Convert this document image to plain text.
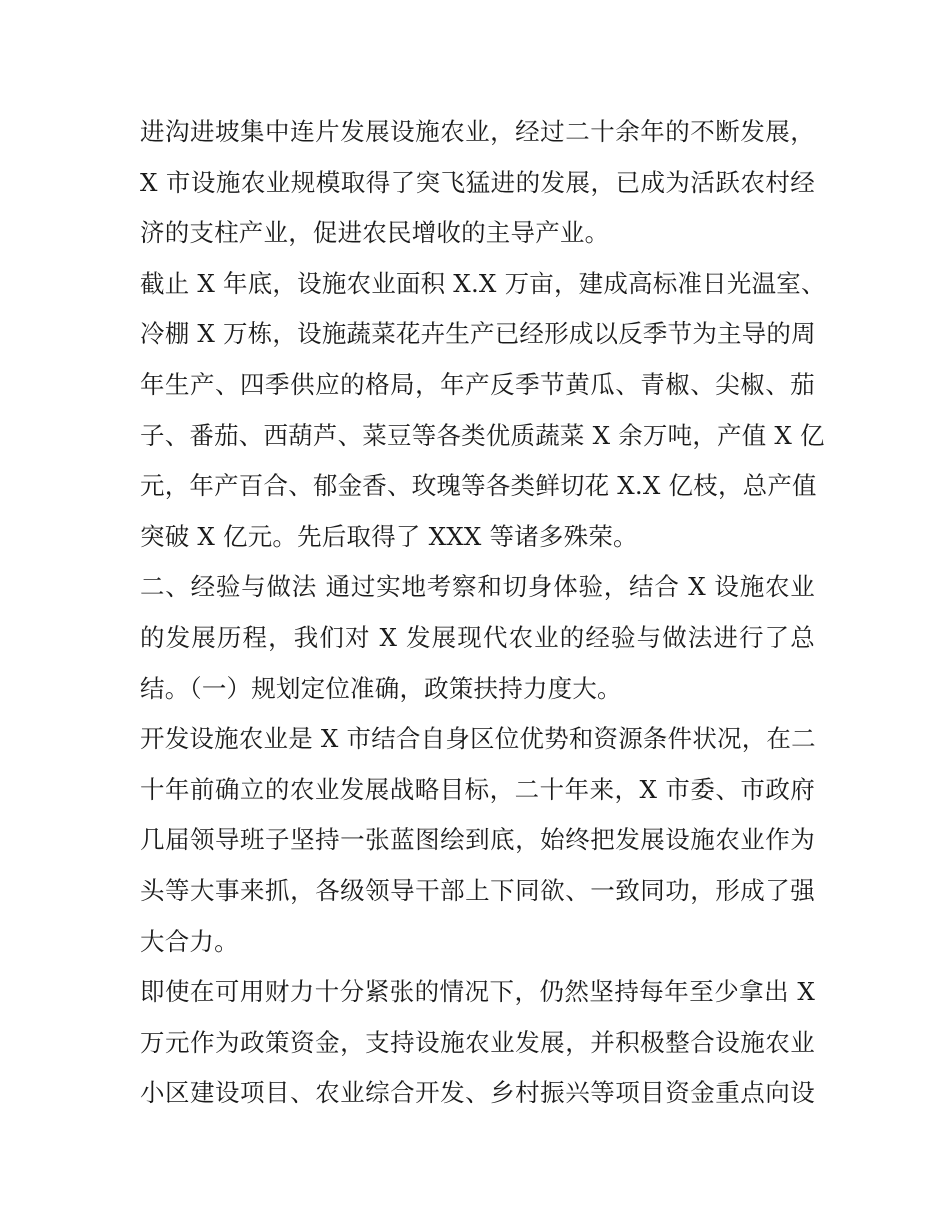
进沟进坡集中连片发展设施农业，经过二十余年的不断发展，
X 市设施农业规模取得了突飞猛进的发展，已成为活跃农村经
济的支柱产业，促进农民增收的主导产业。
截止 X 年底，设施农业面积 X.X 万亩，建成高标准日光温室、
冷棚 X 万栋，设施蔬菜花卉生产已经形成以反季节为主导的周
年生产、四季供应的格局，年产反季节黄瓜、青椒、尖椒、茄
子、番茄、西葫芦、菜豆等各类优质蔬菜 X 余万吨，产值 X 亿
元，年产百合、郁金香、玫瑰等各类鲜切花 X.X 亿枝，总产值
突破 X 亿元。先后取得了 XXX 等诸多殊荣。
二、经验与做法 通过实地考察和切身体验，结合 X 设施农业
的发展历程，我们对 X 发展现代农业的经验与做法进行了总
结。（一）规划定位准确，政策扶持力度大。
开发设施农业是 X 市结合自身区位优势和资源条件状况，在二
十年前确立的农业发展战略目标，二十年来，X 市委、市政府
几届领导班子坚持一张蓝图绘到底，始终把发展设施农业作为
头等大事来抓，各级领导干部上下同欲、一致同功，形成了强
大合力。
即使在可用财力十分紧张的情况下，仍然坚持每年至少拿出 X
万元作为政策资金，支持设施农业发展，并积极整合设施农业
小区建设项目、农业综合开发、乡村振兴等项目资金重点向设
